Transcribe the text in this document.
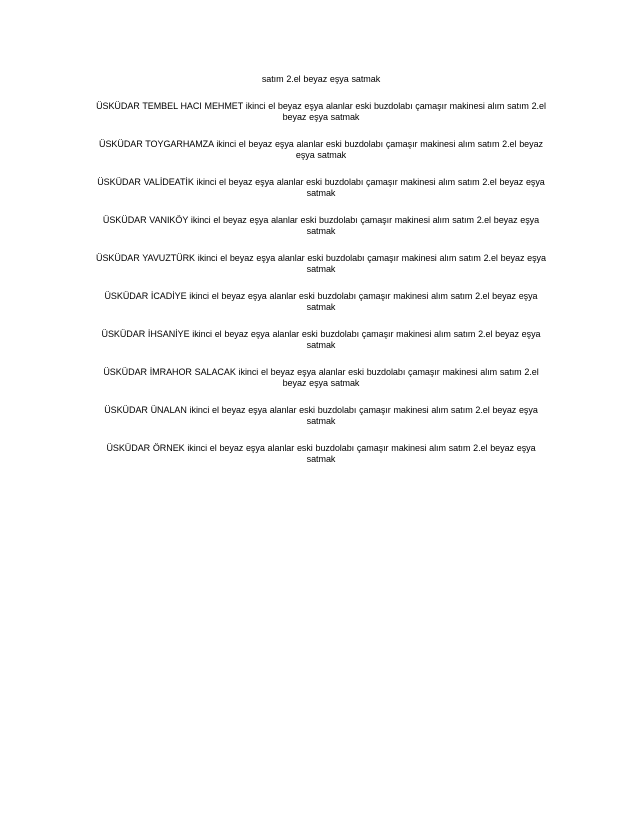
satım 2.el beyaz eşya satmak

ÜSKÜDAR TEMBEL HACI MEHMET ikinci el beyaz eşya alanlar eski buzdolabı çamaşır makinesi alım satım 2.el beyaz eşya satmak

ÜSKÜDAR TOYGARHAMZA ikinci el beyaz eşya alanlar eski buzdolabı çamaşır makinesi alım satım 2.el beyaz eşya satmak

ÜSKÜDAR VALİDEATİK ikinci el beyaz eşya alanlar eski buzdolabı çamaşır makinesi alım satım 2.el beyaz eşya satmak

ÜSKÜDAR VANIKÖY ikinci el beyaz eşya alanlar eski buzdolabı çamaşır makinesi alım satım 2.el beyaz eşya satmak

ÜSKÜDAR YAVUZTÜRK ikinci el beyaz eşya alanlar eski buzdolabı çamaşır makinesi alım satım 2.el beyaz eşya satmak

ÜSKÜDAR İCADİYE ikinci el beyaz eşya alanlar eski buzdolabı çamaşır makinesi alım satım 2.el beyaz eşya satmak

ÜSKÜDAR İHSANİYE ikinci el beyaz eşya alanlar eski buzdolabı çamaşır makinesi alım satım 2.el beyaz eşya satmak

ÜSKÜDAR İMRAHOR SALACAK ikinci el beyaz eşya alanlar eski buzdolabı çamaşır makinesi alım satım 2.el beyaz eşya satmak

ÜSKÜDAR ÜNALAN ikinci el beyaz eşya alanlar eski buzdolabı çamaşır makinesi alım satım 2.el beyaz eşya satmak

ÜSKÜDAR ÖRNEK ikinci el beyaz eşya alanlar eski buzdolabı çamaşır makinesi alım satım 2.el beyaz eşya satmak
